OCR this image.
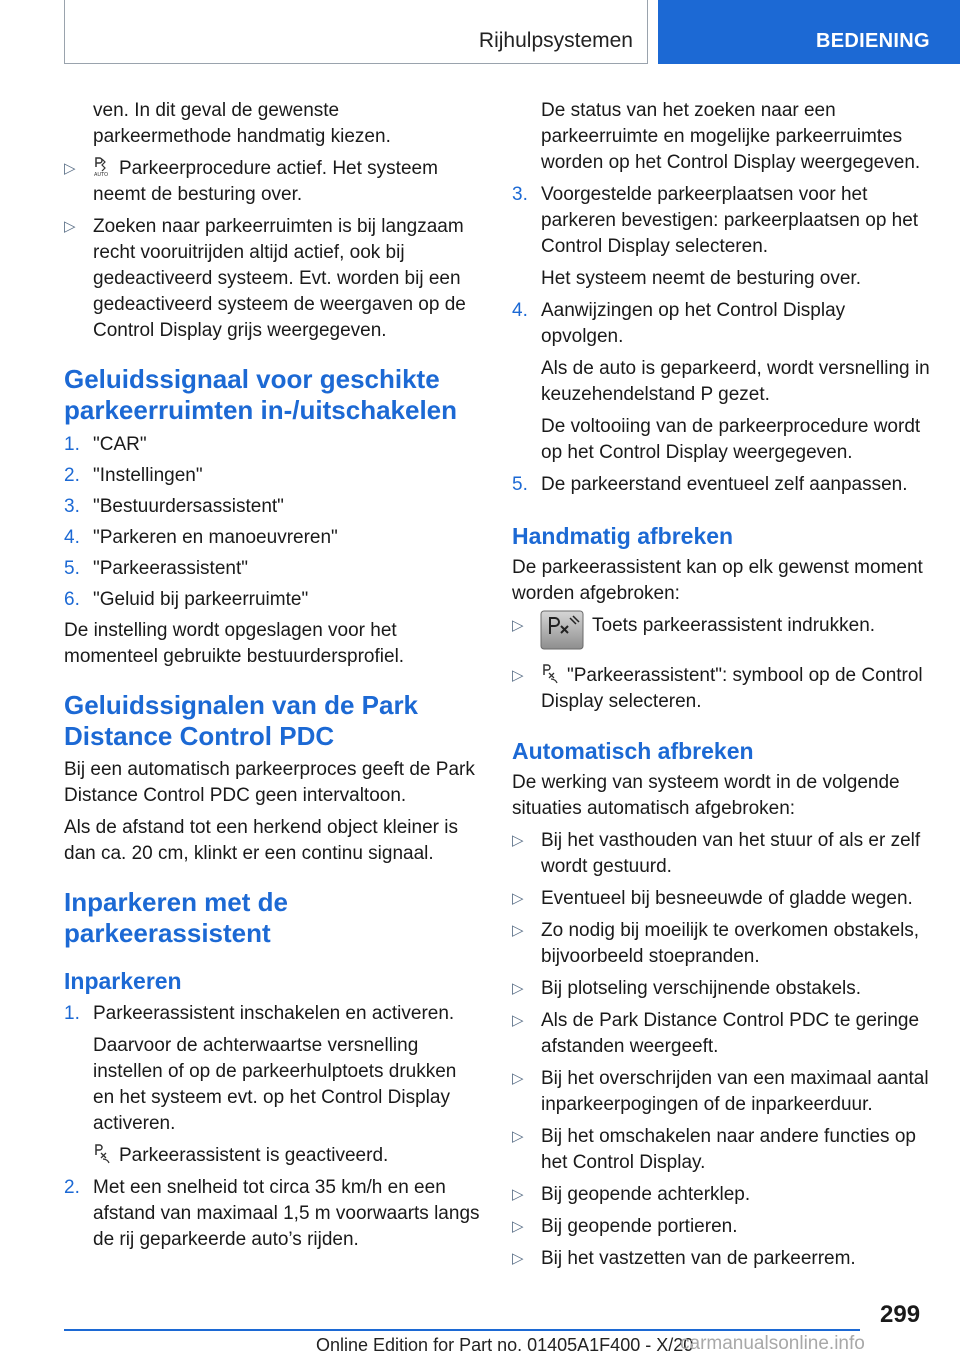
Rijhulpsystemen	BEDIENING

ven. In dit geval de gewenste parkeermethode handmatig kiezen.

▷	AUTO Parkeerprocedure actief. Het systeem neemt de besturing over.
▷ Zoeken naar parkeerruimten is bij langzaam recht vooruitrijden altijd actief, ook bij gedeactiveerd systeem. Evt. worden bij een gedeactiveerd systeem de weergaven op de Control Display grijs weergegeven.
Geluidssignaal voor geschikte parkeerruimten in-/uitschakelen
1. "CAR"
2. "Instellingen"
3. "Bestuurdersassistent"
4. "Parkeren en manoeuvreren"
5. "Parkeerassistent"
6. "Geluid bij parkeerruimte"

De instelling wordt opgeslagen voor het momenteel gebruikte bestuurdersprofiel.

Geluidssignalen van de Park Distance Control PDC

Bij een automatisch parkeerproces geeft de Park Distance Control PDC geen intervaltoon.

Als de afstand tot een herkend object kleiner is dan ca. 20 cm, klinkt er een continu signaal.

Inparkeren met de parkeerassistent
Inparkeren
1. Parkeerassistent inschakelen en activeren.

Daarvoor de achterwaartse versnelling instellen of op de parkeerhulptoets drukken en het systeem evt. op het Control Display activeren.

Parkeerassistent is geactiveerd.

2. Met een snelheid tot circa 35 km/h en een afstand van maximaal 1,5 m voorwaarts langs de rij geparkeerde auto’s rijden.

De status van het zoeken naar een parkeerruimte en mogelijke parkeerruimtes worden op het Control Display weergegeven.

3. Voorgestelde parkeerplaatsen voor het parkeren bevestigen: parkeerplaatsen op het Control Display selecteren.

Het systeem neemt de besturing over.

4. Aanwijzingen op het Control Display opvolgen.

Als de auto is geparkeerd, wordt versnelling in keuzehendelstand P gezet.

De voltooiing van de parkeerprocedure wordt op het Control Display weergegeven.

5. De parkeerstand eventueel zelf aanpassen.
Handmatig afbreken

De parkeerassistent kan op elk gewenst moment worden afgebroken:

▷	Toets parkeerassistent indrukken.
▷ "Parkeerassistent": symbool op de Control Display selecteren.
Automatisch afbreken

De werking van systeem wordt in de volgende situaties automatisch afgebroken:

▷ Bij het vasthouden van het stuur of als er zelf wordt gestuurd.
▷ Eventueel bij besneeuwde of gladde wegen.
▷ Zo nodig bij moeilijk te overkomen obstakels, bijvoorbeeld stoepranden.
▷ Bij plotseling verschijnende obstakels.
▷ Als de Park Distance Control PDC te geringe afstanden weergeeft.
▷ Bij het overschrijden van een maximaal aantal inparkeerpogingen of de inparkeerduur.
▷ Bij het omschakelen naar andere functies op het Control Display.
▷ Bij geopende achterklep.
▷ Bij geopende portieren.
▷ Bij het vastzetten van de parkeerrem.
299
Online Edition for Part no. 01405A1F400 - X/20
carmanualsonline.info
